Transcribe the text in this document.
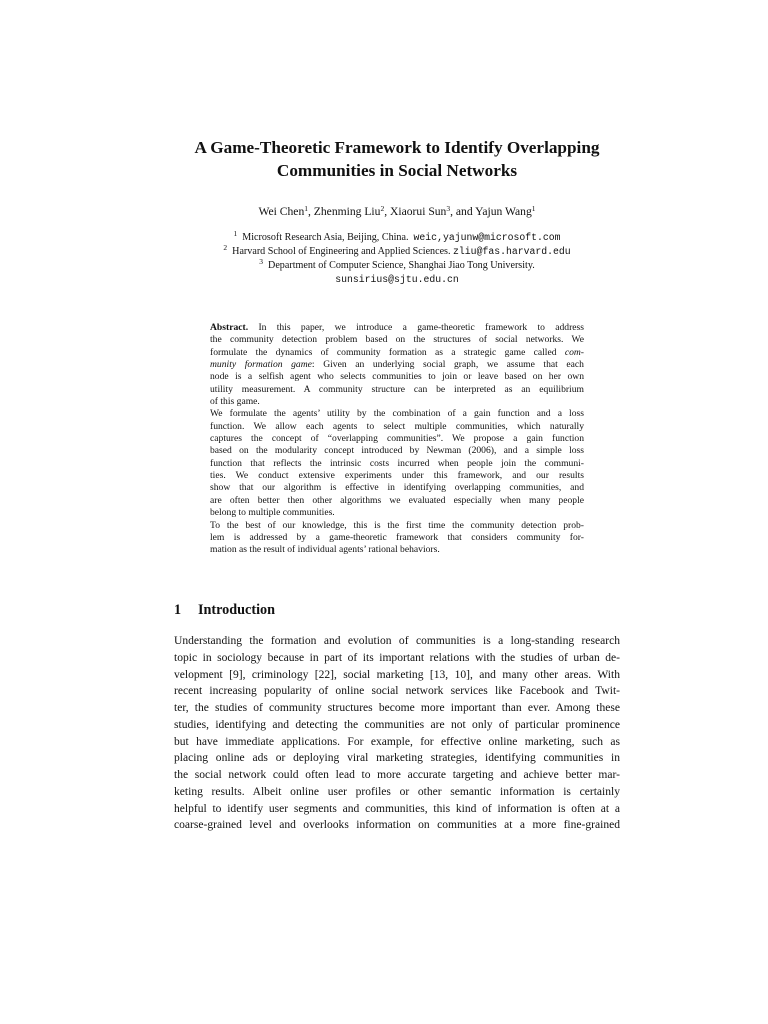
A Game-Theoretic Framework to Identify Overlapping
Communities in Social Networks
Wei Chen$^1$, Zhenming Liu$^2$, Xiaorui Sun$^3$, and Yajun Wang$^1$
$^1$ Microsoft Research Asia, Beijing, China. weic,yajunw@microsoft.com
$^2$ Harvard School of Engineering and Applied Sciences. zliu@fas.harvard.edu
$^3$ Department of Computer Science, Shanghai Jiao Tong University.
sunsirius@sjtu.edu.cn

Abstract. In this paper, we introduce a game-theoretic framework to address
the community detection problem based on the structures of social networks. We
formulate the dynamics of community formation as a strategic game called com-
munity formation game: Given an underlying social graph, we assume that each
node is a selfish agent who selects communities to join or leave based on her own
utility measurement. A community structure can be interpreted as an equilibrium
of this game.

We formulate the agents’ utility by the combination of a gain function and a loss
function. We allow each agents to select multiple communities, which naturally
captures the concept of “overlapping communities”. We propose a gain function
based on the modularity concept introduced by Newman (2006), and a simple loss
function that reflects the intrinsic costs incurred when people join the communi-
ties. We conduct extensive experiments under this framework, and our results
show that our algorithm is effective in identifying overlapping communities, and
are often better then other algorithms we evaluated especially when many people
belong to multiple communities.

To the best of our knowledge, this is the first time the community detection prob-
lem is addressed by a game-theoretic framework that considers community for-
mation as the result of individual agents’ rational behaviors.

1 Introduction
Understanding the formation and evolution of communities is a long-standing research
topic in sociology because in part of its important relations with the studies of urban de-
velopment [9], criminology [22], social marketing [13, 10], and many other areas. With
recent increasing popularity of online social network services like Facebook and Twit-
ter, the studies of community structures become more important than ever. Among these
studies, identifying and detecting the communities are not only of particular prominence
but have immediate applications. For example, for effective online marketing, such as
placing online ads or deploying viral marketing strategies, identifying communities in
the social network could often lead to more accurate targeting and achieve better mar-
keting results. Albeit online user profiles or other semantic information is certainly
helpful to identify user segments and communities, this kind of information is often at a
coarse-grained level and overlooks information on communities at a more fine-grained
